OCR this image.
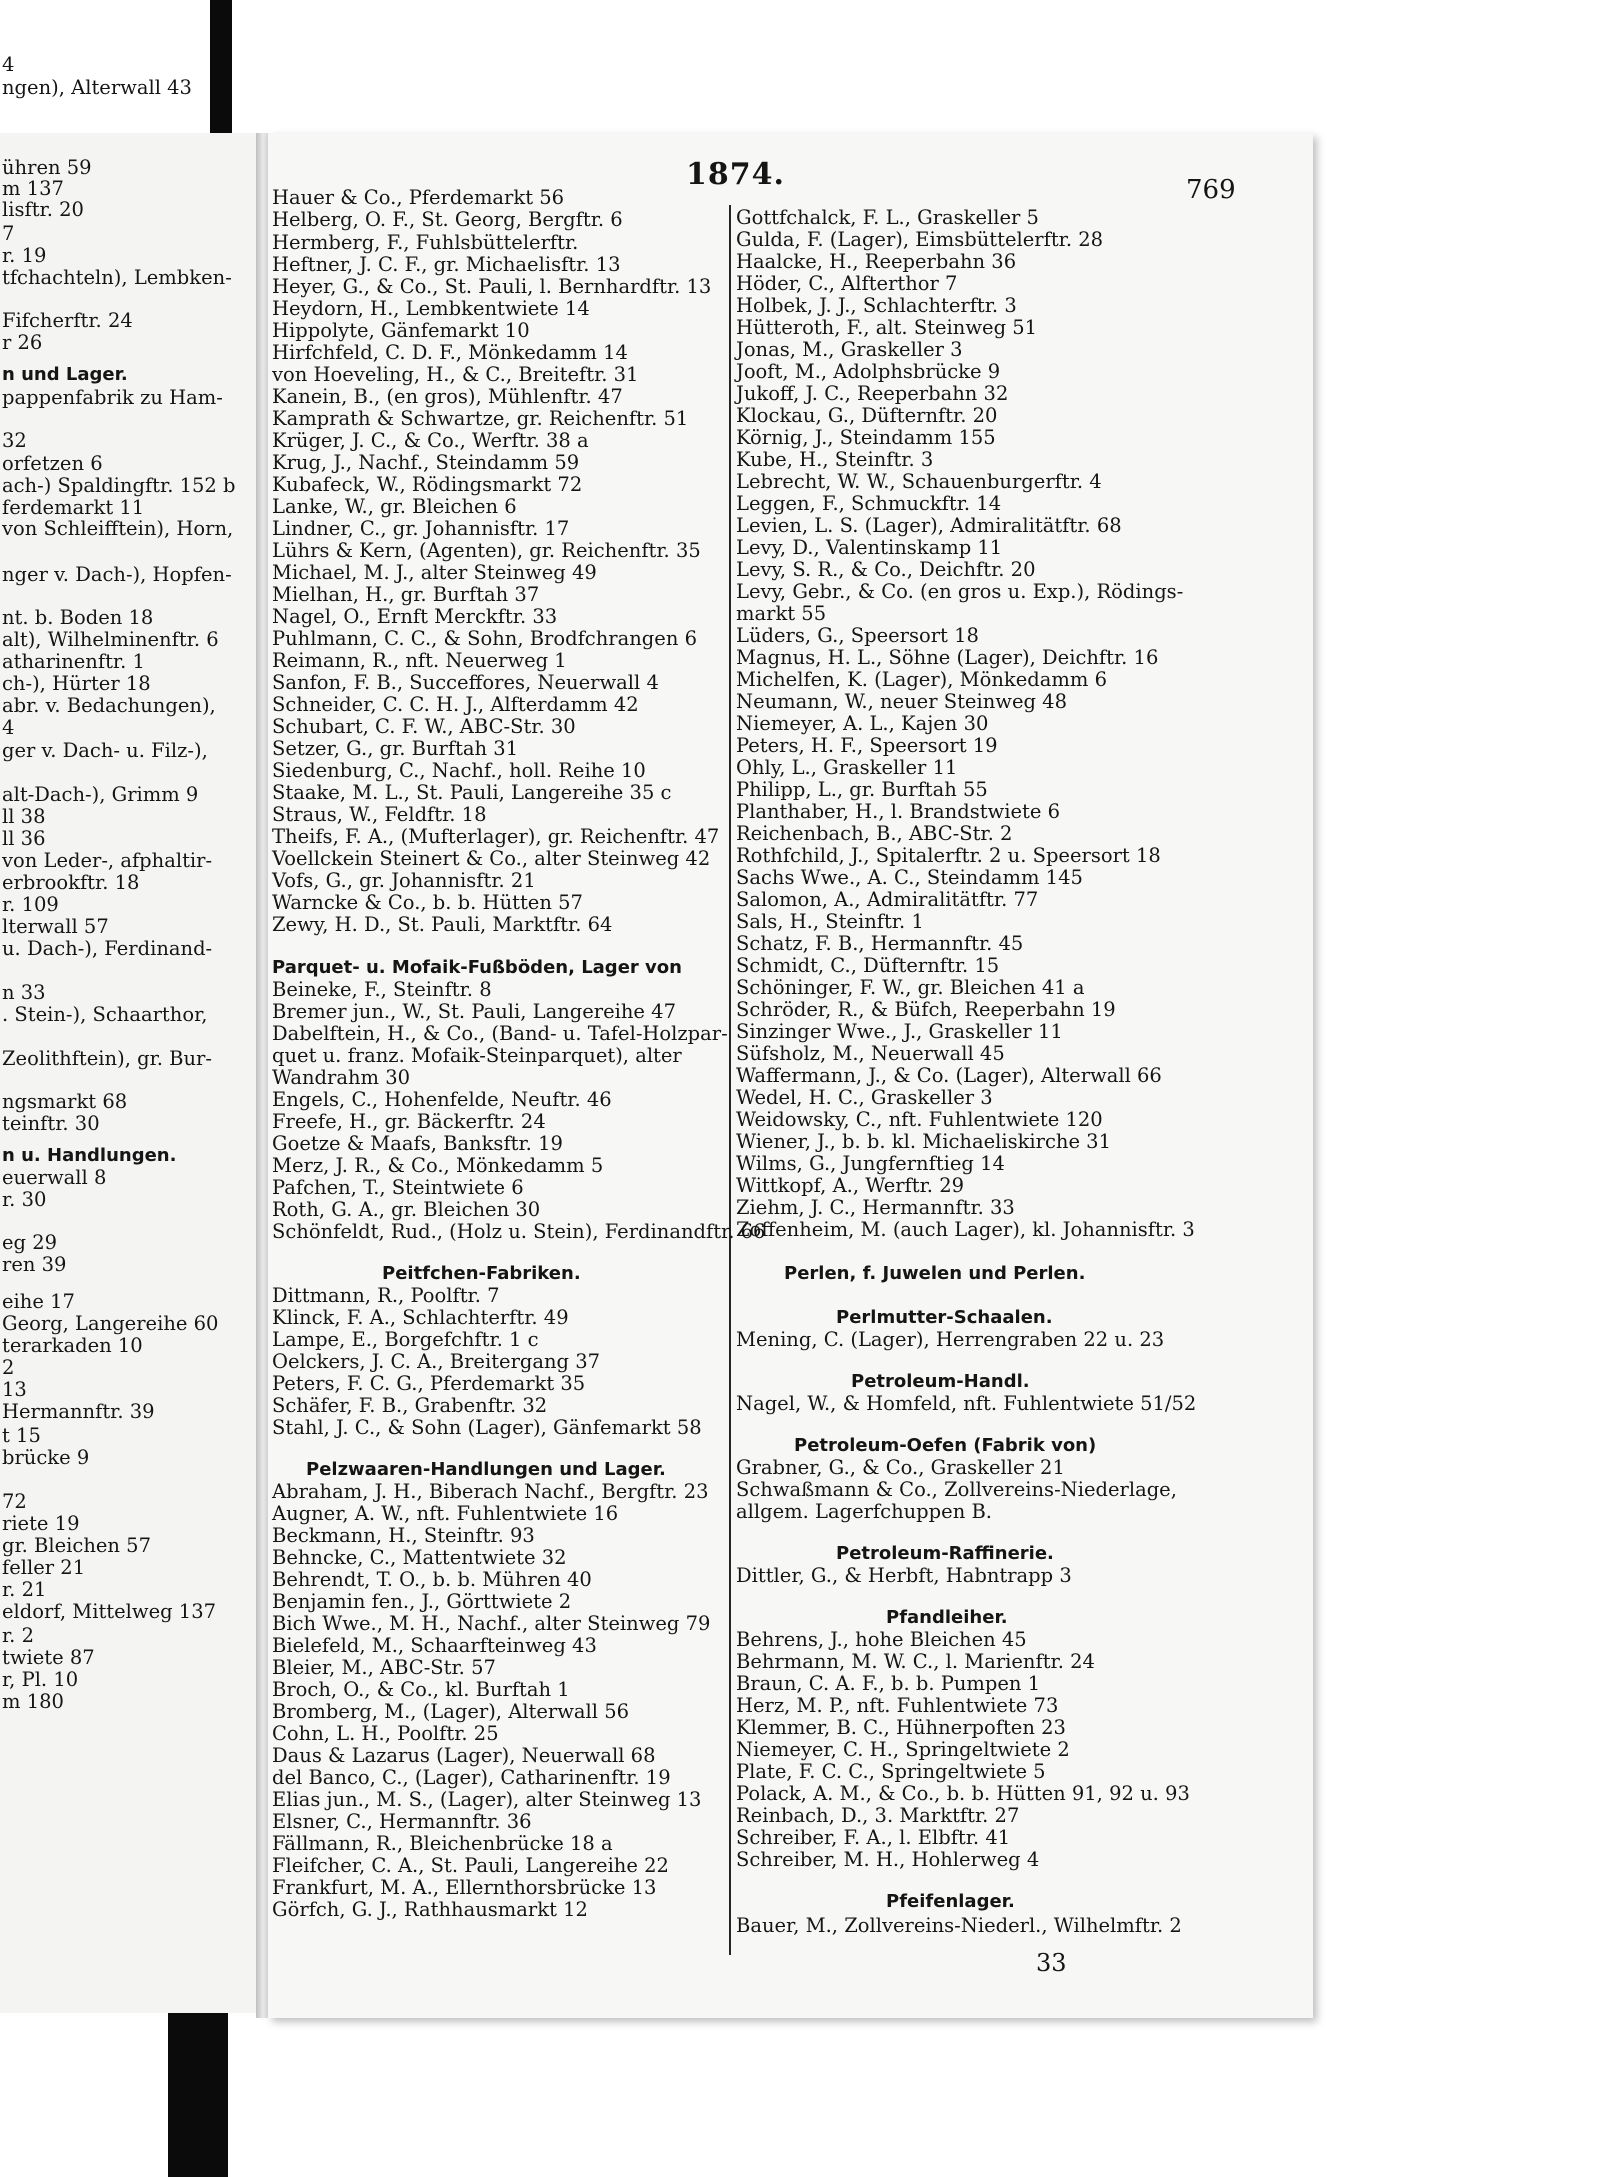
4
ngen), Alterwall 43
ühren 59
m 137
lisftr. 20
7
r. 19
tfchachteln), Lembken-
Fifcherftr. 24
r 26
n und Lager.
pappenfabrik zu Ham-
32
orfetzen 6
ach-) Spaldingftr. 152 b
ferdemarkt 11
von Schleifftein), Horn,
nger v. Dach-), Hopfen-
nt. b. Boden 18
alt), Wilhelminenftr. 6
atharinenftr. 1
ch-), Hürter 18
abr. v. Bedachungen),
4
ger v. Dach- u. Filz-),
alt-Dach-), Grimm 9
ll 38
ll 36
von Leder-, afphaltir-
erbrookftr. 18
r. 109
lterwall 57
u. Dach-), Ferdinand-
n 33
. Stein-), Schaarthor,
Zeolithftein), gr. Bur-
ngsmarkt 68
teinftr. 30
n u. Handlungen.
euerwall 8
r. 30
eg 29
ren 39
eihe 17
Georg, Langereihe 60
terarkaden 10
2
13
Hermannftr. 39
t 15
brücke 9
72
riete 19
gr. Bleichen 57
feller 21
r. 21
eldorf, Mittelweg 137
r. 2
twiete 87
r, Pl. 10
m 180
1874.	769
Hauer & Co., Pferdemarkt 56
Helberg, O. F., St. Georg, Bergftr. 6
Hermberg, F., Fuhlsbüttelerftr.
Heftner, J. C. F., gr. Michaelisftr. 13
Heyer, G., & Co., St. Pauli, l. Bernhardftr. 13
Heydorn, H., Lembkentwiete 14
Hippolyte, Gänfemarkt 10
Hirfchfeld, C. D. F., Mönkedamm 14
von Hoeveling, H., & C., Breiteftr. 31
Kanein, B., (en gros), Mühlenftr. 47
Kamprath & Schwartze, gr. Reichenftr. 51
Krüger, J. C., & Co., Werftr. 38 a
Krug, J., Nachf., Steindamm 59
Kubafeck, W., Rödingsmarkt 72
Lanke, W., gr. Bleichen 6
Lindner, C., gr. Johannisftr. 17
Lührs & Kern, (Agenten), gr. Reichenftr. 35
Michael, M. J., alter Steinweg 49
Mielhan, H., gr. Burftah 37
Nagel, O., Ernft Merckftr. 33
Puhlmann, C. C., & Sohn, Brodfchrangen 6
Reimann, R., nft. Neuerweg 1
Sanfon, F. B., Succeffores, Neuerwall 4
Schneider, C. C. H. J., Alfterdamm 42
Schubart, C. F. W., ABC-Str. 30
Setzer, G., gr. Burftah 31
Siedenburg, C., Nachf., holl. Reihe 10
Staake, M. L., St. Pauli, Langereihe 35 c
Straus, W., Feldftr. 18
Theifs, F. A., (Mufterlager), gr. Reichenftr. 47
Voellckein Steinert & Co., alter Steinweg 42
Vofs, G., gr. Johannisftr. 21
Warncke & Co., b. b. Hütten 57
Zewy, H. D., St. Pauli, Marktftr. 64
Parquet- u. Mofaik-Fußböden, Lager von
Beineke, F., Steinftr. 8
Bremer jun., W., St. Pauli, Langereihe 47
Dabelftein, H., & Co., (Band- u. Tafel-Holzpar-
quet u. franz. Mofaik-Steinparquet), alter
Wandrahm 30
Engels, C., Hohenfelde, Neuftr. 46
Freefe, H., gr. Bäckerftr. 24
Goetze & Maafs, Banksftr. 19
Merz, J. R., & Co., Mönkedamm 5
Pafchen, T., Steintwiete 6
Roth, G. A., gr. Bleichen 30
Schönfeldt, Rud., (Holz u. Stein), Ferdinandftr. 66
Peitfchen-Fabriken.
Dittmann, R., Poolftr. 7
Klinck, F. A., Schlachterftr. 49
Lampe, E., Borgefchftr. 1 c
Oelckers, J. C. A., Breitergang 37
Peters, F. C. G., Pferdemarkt 35
Schäfer, F. B., Grabenftr. 32
Stahl, J. C., & Sohn (Lager), Gänfemarkt 58
Pelzwaaren-Handlungen und Lager.
Abraham, J. H., Biberach Nachf., Bergftr. 23
Augner, A. W., nft. Fuhlentwiete 16
Beckmann, H., Steinftr. 93
Behncke, C., Mattentwiete 32
Behrendt, T. O., b. b. Mühren 40
Benjamin fen., J., Görttwiete 2
Bich Wwe., M. H., Nachf., alter Steinweg 79
Bielefeld, M., Schaarfteinweg 43
Bleier, M., ABC-Str. 57
Broch, O., & Co., kl. Burftah 1
Bromberg, M., (Lager), Alterwall 56
Cohn, L. H., Poolftr. 25
Daus & Lazarus (Lager), Neuerwall 68
del Banco, C., (Lager), Catharinenftr. 19
Elias jun., M. S., (Lager), alter Steinweg 13
Elsner, C., Hermannftr. 36
Fällmann, R., Bleichenbrücke 18 a
Fleifcher, C. A., St. Pauli, Langereihe 22
Frankfurt, M. A., Ellernthorsbrücke 13
Görfch, G. J., Rathhausmarkt 12
Gottfchalck, F. L., Graskeller 5
Gulda, F. (Lager), Eimsbüttelerftr. 28
Haalcke, H., Reeperbahn 36
Höder, C., Alfterthor 7
Holbek, J. J., Schlachterftr. 3
Hütteroth, F., alt. Steinweg 51
Jonas, M., Graskeller 3
Jooft, M., Adolphsbrücke 9
Jukoff, J. C., Reeperbahn 32
Klockau, G., Düfternftr. 20
Körnig, J., Steindamm 155
Kube, H., Steinftr. 3
Lebrecht, W. W., Schauenburgerftr. 4
Leggen, F., Schmuckftr. 14
Levien, L. S. (Lager), Admiralitätftr. 68
Levy, D., Valentinskamp 11
Levy, S. R., & Co., Deichftr. 20
Levy, Gebr., & Co. (en gros u. Exp.), Rödings-
markt 55
Lüders, G., Speersort 18
Magnus, H. L., Söhne (Lager), Deichftr. 16
Michelfen, K. (Lager), Mönkedamm 6
Neumann, W., neuer Steinweg 48
Niemeyer, A. L., Kajen 30
Peters, H. F., Speersort 19
Ohly, L., Graskeller 11
Philipp, L., gr. Burftah 55
Planthaber, H., l. Brandstwiete 6
Reichenbach, B., ABC-Str. 2
Rothfchild, J., Spitalerftr. 2 u. Speersort 18
Sachs Wwe., A. C., Steindamm 145
Salomon, A., Admiralitätftr. 77
Sals, H., Steinftr. 1
Schatz, F. B., Hermannftr. 45
Schmidt, C., Düfternftr. 15
Schöninger, F. W., gr. Bleichen 41 a
Schröder, R., & Büfch, Reeperbahn 19
Sinzinger Wwe., J., Graskeller 11
Süfsholz, M., Neuerwall 45
Waffermann, J., & Co. (Lager), Alterwall 66
Wedel, H. C., Graskeller 3
Weidowsky, C., nft. Fuhlentwiete 120
Wiener, J., b. b. kl. Michaeliskirche 31
Wilms, G., Jungfernftieg 14
Wittkopf, A., Werftr. 29
Ziehm, J. C., Hermannftr. 33
Zoffenheim, M. (auch Lager), kl. Johannisftr. 3
Perlen, f. Juwelen und Perlen.
Perlmutter-Schaalen.
Mening, C. (Lager), Herrengraben 22 u. 23
Petroleum-Handl.
Nagel, W., & Homfeld, nft. Fuhlentwiete 51/52
Petroleum-Oefen (Fabrik von)
Grabner, G., & Co., Graskeller 21
Schwaßmann & Co., Zollvereins-Niederlage,
allgem. Lagerfchuppen B.
Petroleum-Raffinerie.
Dittler, G., & Herbft, Habntrapp 3
Pfandleiher.
Behrens, J., hohe Bleichen 45
Behrmann, M. W. C., l. Marienftr. 24
Braun, C. A. F., b. b. Pumpen 1
Herz, M. P., nft. Fuhlentwiete 73
Klemmer, B. C., Hühnerpoften 23
Niemeyer, C. H., Springeltwiete 2
Plate, F. C. C., Springeltwiete 5
Polack, A. M., & Co., b. b. Hütten 91, 92 u. 93
Reinbach, D., 3. Marktftr. 27
Schreiber, F. A., l. Elbftr. 41
Schreiber, M. H., Hohlerweg 4
Pfeifenlager.
Bauer, M., Zollvereins-Niederl., Wilhelmftr. 2
33
